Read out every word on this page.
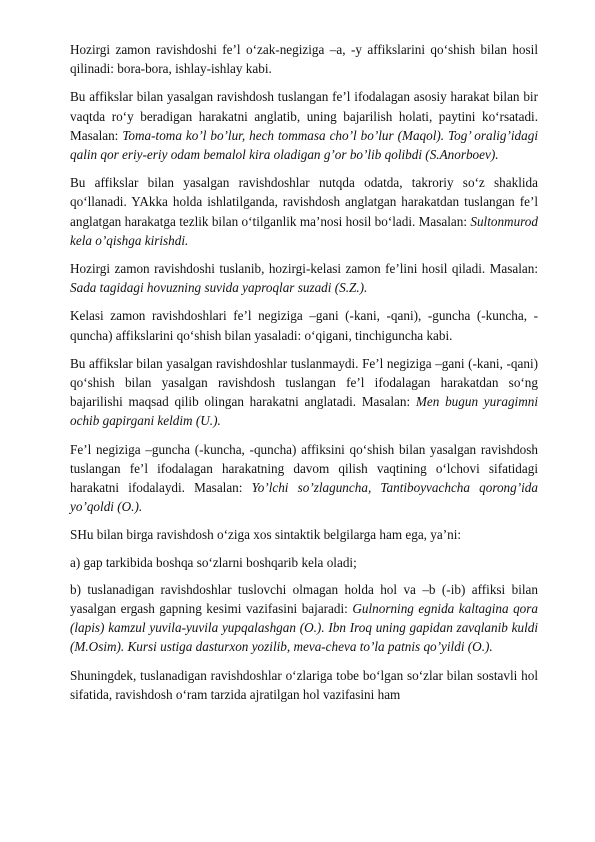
Hozirgi zamon ravishdoshi fe’l o‘zak-negiziga –a, -y affikslarini qo‘shish bilan hosil qilinadi: bora-bora, ishlay-ishlay kabi.

Bu affikslar bilan yasalgan ravishdosh tuslangan fe’l ifodalagan asosiy harakat bilan bir vaqtda ro‘y beradigan harakatni anglatib, uning bajarilish holati, paytini ko‘rsatadi. Masalan: Toma-toma ko’l bo’lur, hech tommasa cho’l bo’lur (Maqol). Tog’ oralig’idagi qalin qor eriy-eriy odam bemalol kira oladigan g’or bo’lib qolibdi (S.Anorboev).

Bu affikslar bilan yasalgan ravishdoshlar nutqda odatda, takroriy so‘z shaklida qo‘llanadi. YAkka holda ishlatilganda, ravishdosh anglatgan harakatdan tuslangan fe’l anglatgan harakatga tezlik bilan o‘tilganlik ma’nosi hosil bo‘ladi. Masalan: Sultonmurod kela o’qishga kirishdi.

Hozirgi zamon ravishdoshi tuslanib, hozirgi-kelasi zamon fe’lini hosil qiladi. Masalan: Sada tagidagi hovuzning suvida yaproqlar suzadi (S.Z.).

Kelasi zamon ravishdoshlari fe’l negiziga –gani (-kani, -qani), -guncha (-kuncha, -quncha) affikslarini qo‘shish bilan yasaladi: o‘qigani, tinchiguncha kabi.

Bu affikslar bilan yasalgan ravishdoshlar tuslanmaydi. Fe’l negiziga –gani (-kani, -qani) qo‘shish bilan yasalgan ravishdosh tuslangan fe’l ifodalagan harakatdan so‘ng bajarilishi maqsad qilib olingan harakatni anglatadi. Masalan: Men bugun yuragimni ochib gapirgani keldim (U.).

Fe’l negiziga –guncha (-kuncha, -quncha) affiksini qo‘shish bilan yasalgan ravishdosh tuslangan fe’l ifodalagan harakatning davom qilish vaqtining o‘lchovi sifatidagi harakatni ifodalaydi. Masalan: Yo’lchi so’zlaguncha, Tantiboyvachcha qorong’ida yo’qoldi (O.).

SHu bilan birga ravishdosh o‘ziga xos sintaktik belgilarga ham ega, ya’ni:

a) gap tarkibida boshqa so‘zlarni boshqarib kela oladi;

b) tuslanadigan ravishdoshlar tuslovchi olmagan holda hol va –b (-ib) affiksi bilan yasalgan ergash gapning kesimi vazifasini bajaradi: Gulnorning egnida kaltagina qora (lapis) kamzul yuvila-yuvila yupqalashgan (O.). Ibn Iroq uning gapidan zavqlanib kuldi (M.Osim). Kursi ustiga dasturxon yozilib, meva-cheva to’la patnis qo’yildi (O.).

Shuningdek, tuslanadigan ravishdoshlar o‘zlariga tobe bo‘lgan so‘zlar bilan sostavli hol sifatida, ravishdosh o‘ram tarzida ajratilgan hol vazifasini ham
